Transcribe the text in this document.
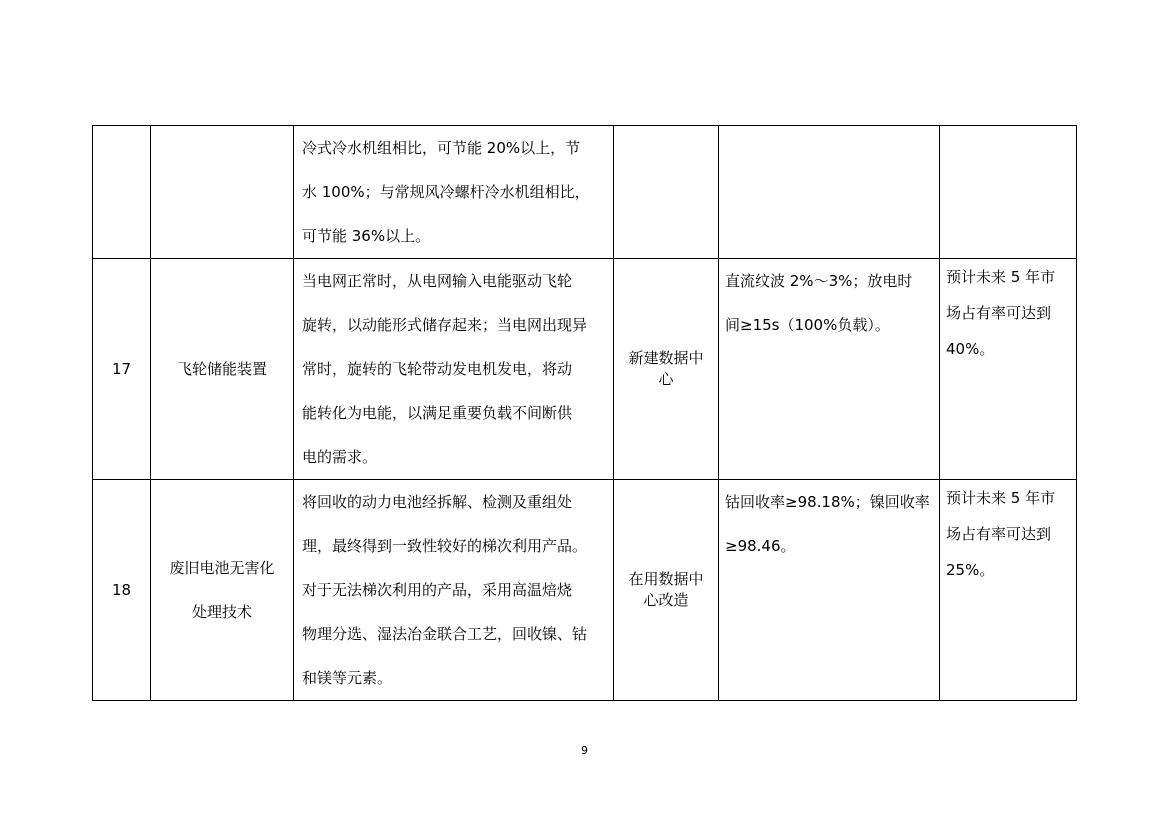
		冷式冷水机组相比，可节能 20%以上，节
水 100%；与常规风冷螺杆冷水机组相比，
可节能 36%以上。			

17	飞轮储能装置	当电网正常时，从电网输入电能驱动飞轮
旋转，以动能形式储存起来；当电网出现异
常时，旋转的飞轮带动发电机发电，将动
能转化为电能，以满足重要负载不间断供
电的需求。	新建数据中
心	直流纹波 2%～3%；放电时
间≥15s（100%负载）。	预计未来 5 年市
场占有率可达到
40%。

18	废旧电池无害化
处理技术	将回收的动力电池经拆解、检测及重组处
理，最终得到一致性较好的梯次利用产品。
对于无法梯次利用的产品，采用高温焙烧
物理分选、湿法冶金联合工艺，回收镍、钴
和镁等元素。	在用数据中
心改造	钴回收率≥98.18%；镍回收率
≥98.46。	预计未来 5 年市
场占有率可达到
25%。
9
